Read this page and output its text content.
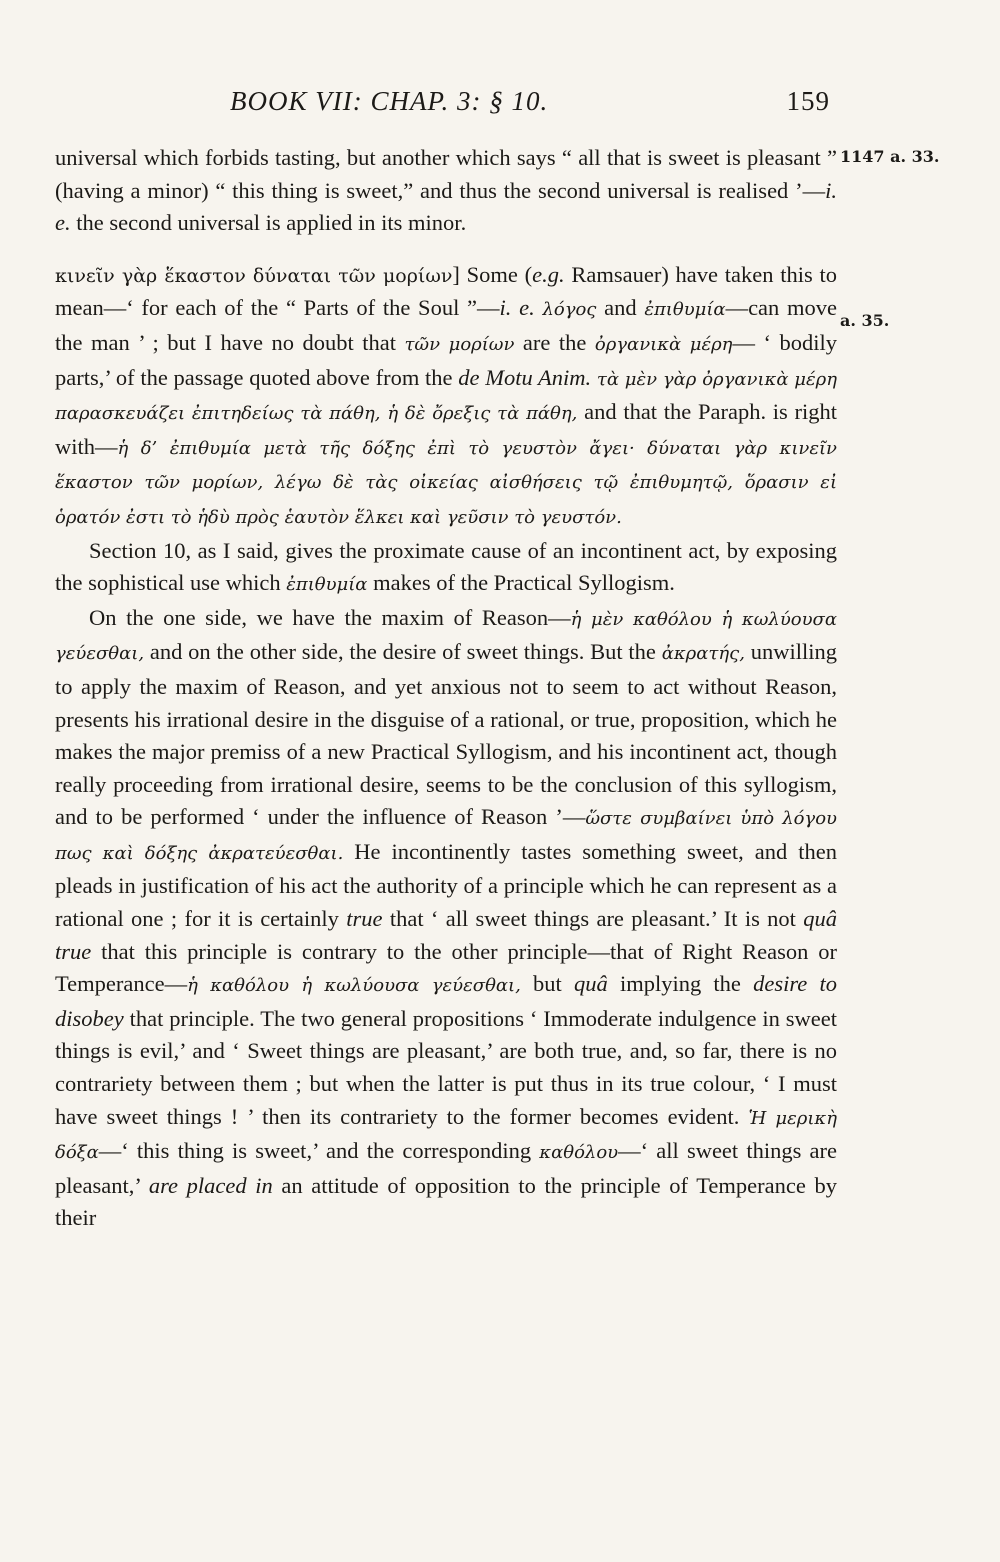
BOOK VII: CHAP. 3: § 10.	159
1147 a. 33.
a. 35.

universal which forbids tasting, but another which says “ all that is sweet is pleasant ” (having a minor) “ this thing is sweet,” and thus the second universal is realised ’—i. e. the second universal is applied in its minor.

κινεῖν γὰρ ἕκαστον δύναται τῶν μορίων] Some (e.g. Ramsauer) have taken this to mean—‘ for each of the “ Parts of the Soul ”—i. e. λόγος and ἐπιθυμία—can move the man ’ ; but I have no doubt that τῶν μορίων are the ὀργανικὰ μέρη— ‘ bodily parts,’ of the passage quoted above from the de Motu Anim. τὰ μὲν γὰρ ὀργανικὰ μέρη παρασκευάζει ἐπιτηδείως τὰ πάθη, ἡ δὲ ὄρεξις τὰ πάθη, and that the Paraph. is right with—ἡ δ’ ἐπιθυμία μετὰ τῆς δόξης ἐπὶ τὸ γευστὸν ἄγει· δύναται γὰρ κινεῖν ἕκαστον τῶν μορίων, λέγω δὲ τὰς οἰκείας αἰσθήσεις τῷ ἐπιθυμητῷ, ὅρασιν εἰ ὁρατόν ἐστι τὸ ἡδὺ πρὸς ἑαυτὸν ἕλκει καὶ γεῦσιν τὸ γευστόν.

Section 10, as I said, gives the proximate cause of an incontinent act, by exposing the sophistical use which ἐπιθυμία makes of the Practical Syllogism.

On the one side, we have the maxim of Reason—ἡ μὲν καθόλου ἡ κωλύουσα γεύεσθαι, and on the other side, the desire of sweet things. But the ἀκρατής, unwilling to apply the maxim of Reason, and yet anxious not to seem to act without Reason, presents his irrational desire in the disguise of a rational, or true, proposition, which he makes the major premiss of a new Practical Syllogism, and his incontinent act, though really proceeding from irrational desire, seems to be the conclusion of this syllogism, and to be performed ‘ under the influence of Reason ’—ὥστε συμβαίνει ὑπὸ λόγου πως καὶ δόξης ἀκρατεύεσθαι. He incontinently tastes something sweet, and then pleads in justification of his act the authority of a principle which he can represent as a rational one ; for it is certainly true that ‘ all sweet things are pleasant.’ It is not quâ true that this principle is contrary to the other principle—that of Right Reason or Temperance—ἡ καθόλου ἡ κωλύουσα γεύεσθαι, but quâ implying the desire to disobey that principle. The two general propositions ‘ Immoderate indulgence in sweet things is evil,’ and ‘ Sweet things are pleasant,’ are both true, and, so far, there is no contrariety between them ; but when the latter is put thus in its true colour, ‘ I must have sweet things ! ’ then its contrariety to the former becomes evident. Ἡ μερικὴ δόξα—‘ this thing is sweet,’ and the corresponding καθόλου—‘ all sweet things are pleasant,’ are placed in an attitude of opposition to the principle of Temperance by their
